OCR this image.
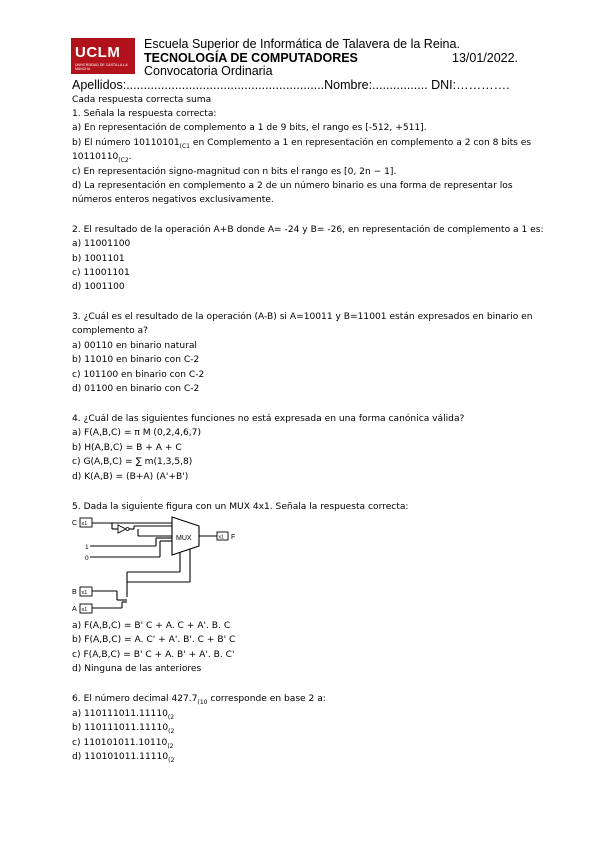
UCLM
UNIVERSIDAD DE CASTILLA-LA MANCHA
Escuela Superior de Informática de Talavera de la Reina.
TECNOLOGÍA DE COMPUTADORES	13/01/2022.
Convocatoria Ordinaria
Apellidos:.........................................................Nombre:................ DNI:………….
Cada respuesta correcta suma
1. Señala la respuesta correcta:
a) En representación de complemento a 1 de 9 bits, el rango es [-512, +511].
b) El número $10110101_{(C1}$ en Complemento a 1 en representación en complemento a 2 con 8 bits es
$10110110_{(C2}$.
c) En representación signo-magnitud con n bits el rango es [0, 2n − 1].
d) La representación en complemento a 2 de un número binario es una forma de representar los
números enteros negativos exclusivamente.
2. El resultado de la operación A+B donde A= -24 y B= -26, en representación de complemento a 1 es:
a) 11001100
b) 1001101
c) 11001101
d) 1001100
3. ¿Cuál es el resultado de la operación (A-B) si A=10011 y B=11001 están expresados en binario en
complemento a?
a) 00110 en binario natural
b) 11010 en binario con C-2
c) 101100 en binario con C-2
d) 01100 en binario con C-2
4. ¿Cuál de las siguientes funciones no está expresada en una forma canónica válida?
a) F(A,B,C) = π M (0,2,4,6,7)
b) H(A,B,C) = B + A + C
c) G(A,B,C) = ∑ m(1,3,5,8)
d) K(A,B) = (B+A) (A'+B')
5. Dada la siguiente figura con un MUX 4x1. Señala la respuesta correcta:
MUX
x1
C
x1
B
x1
A
1
0
x1 F
a) F(A,B,C) = B' C + A. C + A'. B. C
b) F(A,B,C) = A. C' + A'. B'. C + B' C
c) F(A,B,C) = B' C + A. B' + A'. B. C'
d) Ninguna de las anteriores
6. El número decimal $427.7_{(10}$ corresponde en base 2 a:
a) $110111011.11110_{(2}$
b) $110111011.11110_{(2}$
c) $110101011.10110_{(2}$
d) $110101011.11110_{(2}$
